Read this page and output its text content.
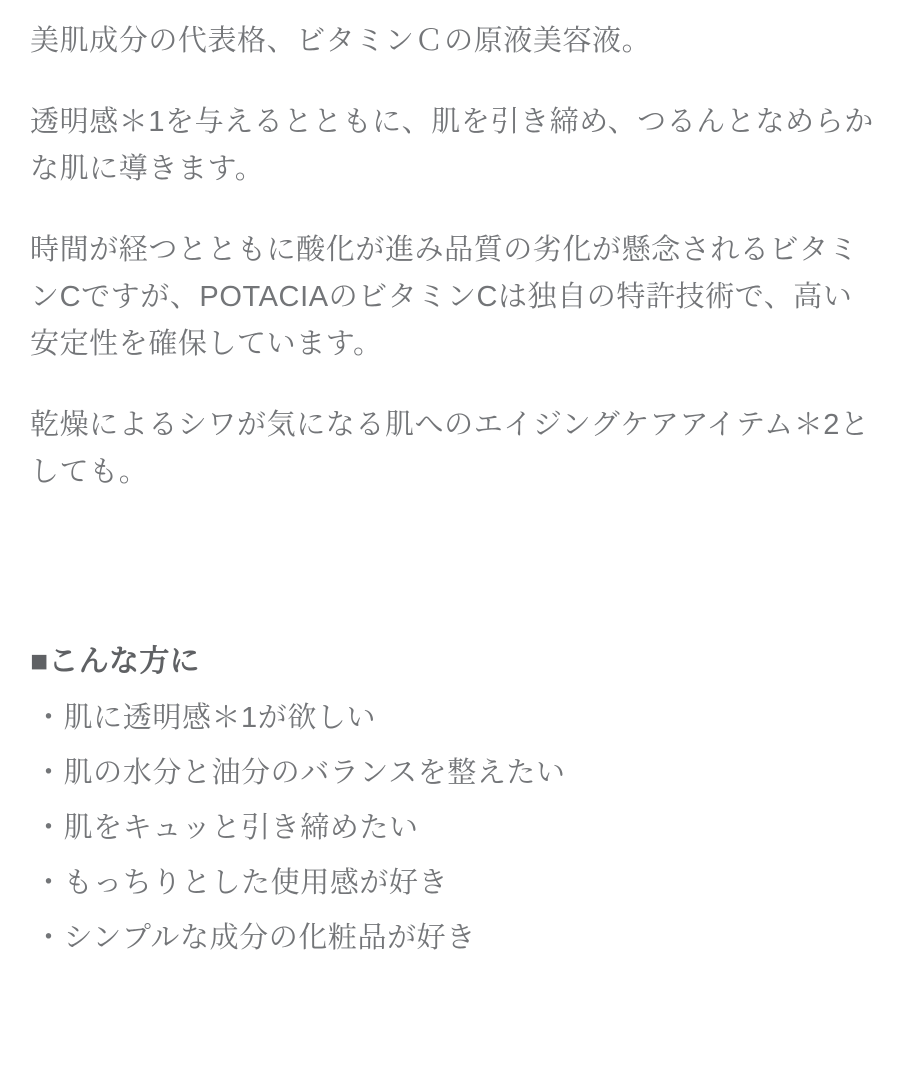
美肌成分の代表格、ビタミンＣの原液美容液。

透明感＊1を与えるとともに、肌を引き締め、つるんとなめらかな肌に導きます。

時間が経つとともに酸化が進み品質の劣化が懸念されるビタミンCですが、POTACIAのビタミンCは独自の特許技術で、高い安定性を確保しています。

乾燥によるシワが気になる肌へのエイジングケアアイテム＊2としても。

■こんな方に
・肌に透明感＊1が欲しい
・肌の水分と油分のバランスを整えたい
・肌をキュッと引き締めたい
・もっちりとした使用感が好き
・シンプルな成分の化粧品が好き
